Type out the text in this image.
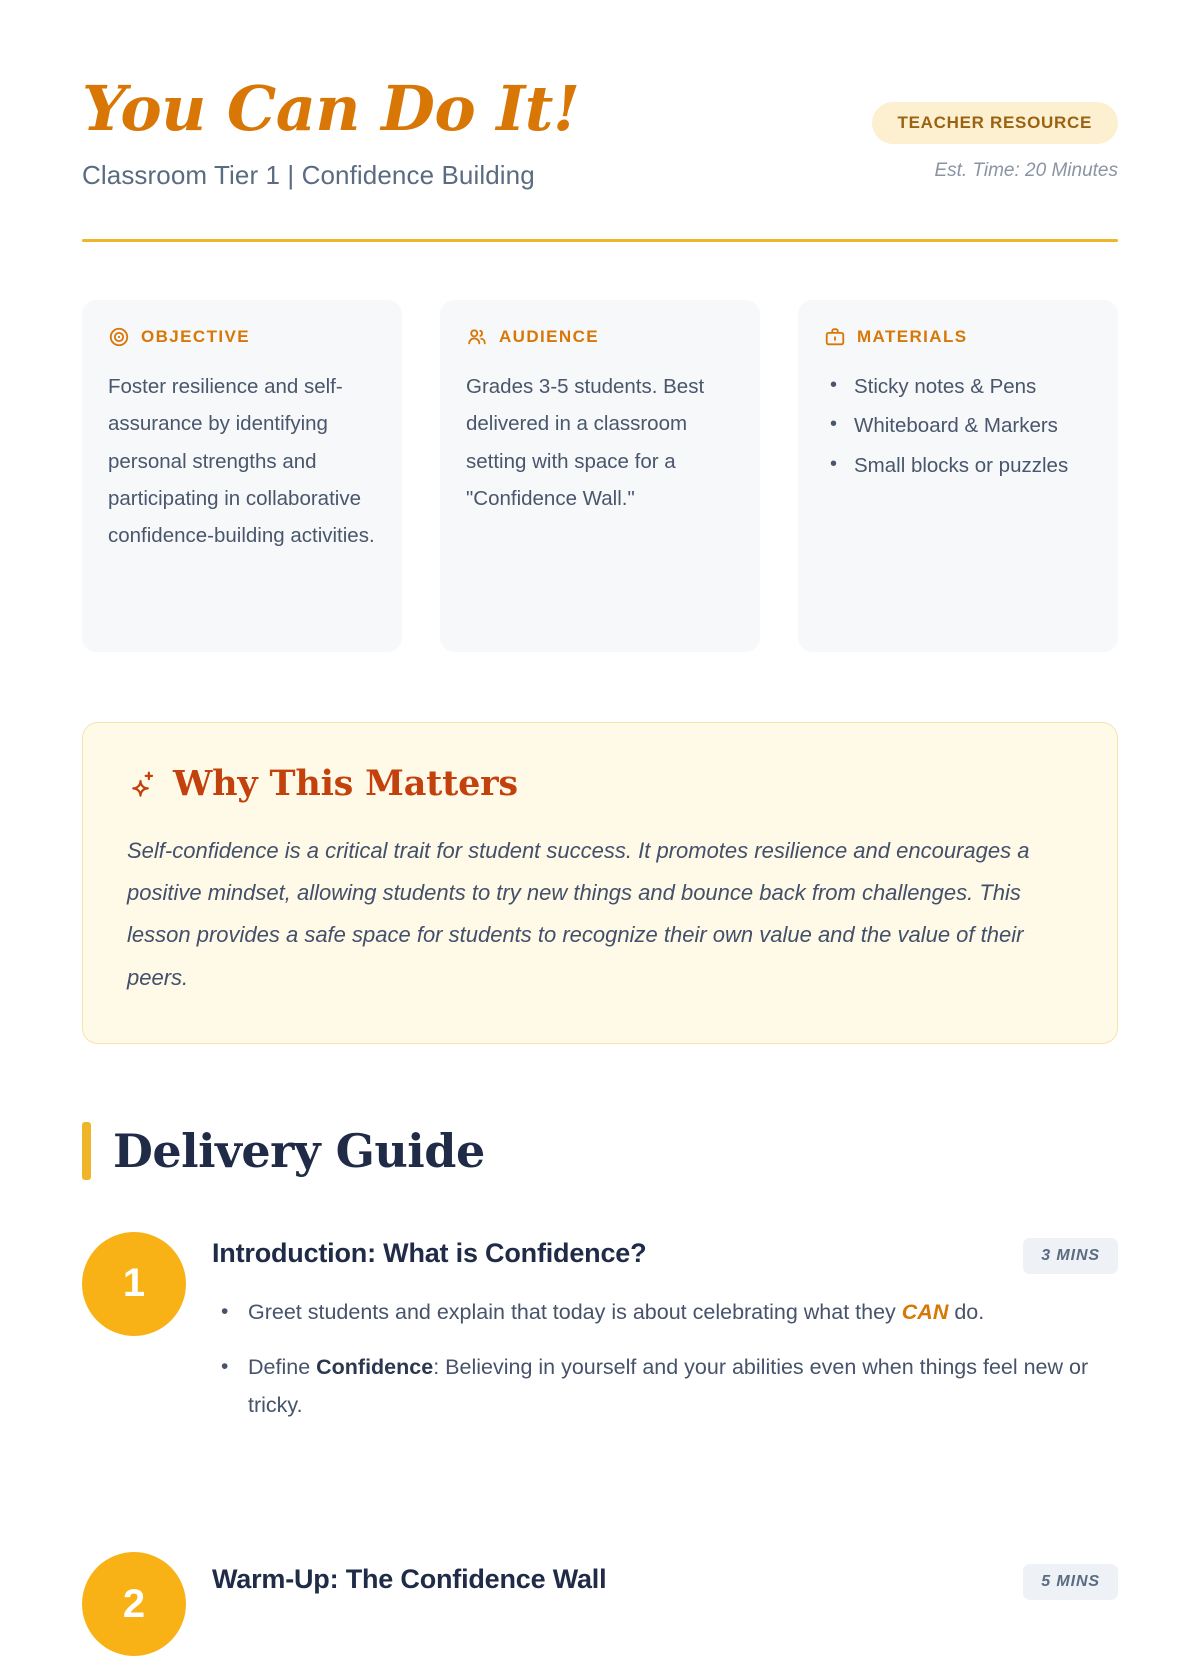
You Can Do It!
Classroom Tier 1 | Confidence Building
TEACHER RESOURCE
Est. Time: 20 Minutes
OBJECTIVE
Foster resilience and self-assurance by identifying personal strengths and participating in collaborative confidence-building activities.
AUDIENCE
Grades 3-5 students. Best delivered in a classroom setting with space for a "Confidence Wall."
MATERIALS
• Sticky notes & Pens
• Whiteboard & Markers
• Small blocks or puzzles
Why This Matters
Self-confidence is a critical trait for student success. It promotes resilience and encourages a positive mindset, allowing students to try new things and bounce back from challenges. This lesson provides a safe space for students to recognize their own value and the value of their peers.
Delivery Guide
1
Introduction: What is Confidence?	3 MINS
• Greet students and explain that today is about celebrating what they CAN do.
• Define Confidence: Believing in yourself and your abilities even when things feel new or tricky.
2
Warm-Up: The Confidence Wall	5 MINS
